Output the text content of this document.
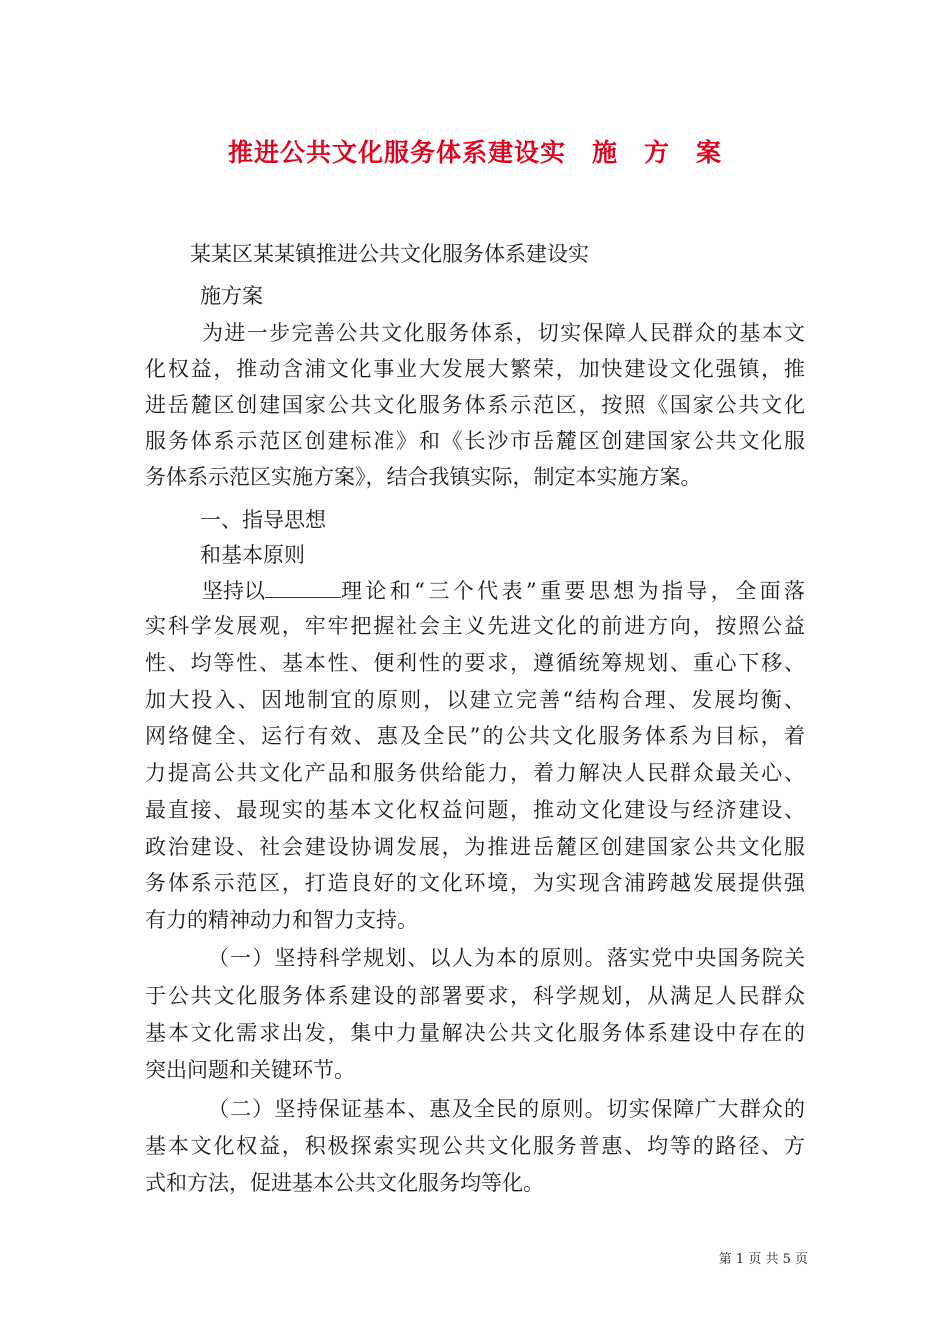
推进公共文化服务体系建设实　施　方　案
某某区某某镇推进公共文化服务体系建设实
施方案
为进一步完善公共文化服务体系，切实保障人民群众的基本文
化权益，推动含浦文化事业大发展大繁荣，加快建设文化强镇，推
进岳麓区创建国家公共文化服务体系示范区，按照《国家公共文化
服务体系示范区创建标准》和《长沙市岳麓区创建国家公共文化服
务体系示范区实施方案》，结合我镇实际，制定本实施方案。
一、指导思想
和基本原则
坚持以	理论和“三个代表”重要思想为指导，全面落
实科学发展观，牢牢把握社会主义先进文化的前进方向，按照公益
性、均等性、基本性、便利性的要求，遵循统筹规划、重心下移、
加大投入、因地制宜的原则，以建立完善“结构合理、发展均衡、
网络健全、运行有效、惠及全民”的公共文化服务体系为目标，着
力提高公共文化产品和服务供给能力，着力解决人民群众最关心、
最直接、最现实的基本文化权益问题，推动文化建设与经济建设、
政治建设、社会建设协调发展，为推进岳麓区创建国家公共文化服
务体系示范区，打造良好的文化环境，为实现含浦跨越发展提供强
有力的精神动力和智力支持。
（一）坚持科学规划、以人为本的原则。落实党中央国务院关
于公共文化服务体系建设的部署要求，科学规划，从满足人民群众
基本文化需求出发，集中力量解决公共文化服务体系建设中存在的
突出问题和关键环节。
（二）坚持保证基本、惠及全民的原则。切实保障广大群众的
基本文化权益，积极探索实现公共文化服务普惠、均等的路径、方
式和方法，促进基本公共文化服务均等化。
第 1 页 共 5 页
